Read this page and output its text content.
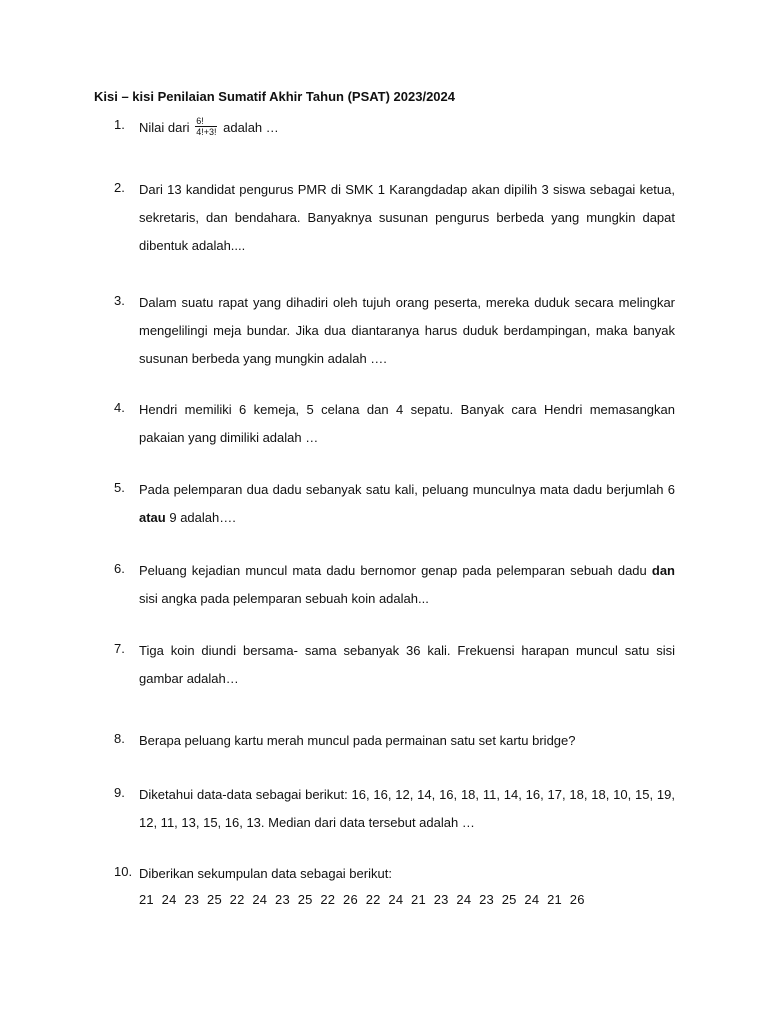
Kisi – kisi Penilaian Sumatif Akhir Tahun (PSAT) 2023/2024
1.	Nilai dari $\frac{6!}{4!+3!}$ adalah …
2.	Dari 13 kandidat pengurus PMR di SMK 1 Karangdadap akan dipilih 3 siswa sebagai ketua, sekretaris, dan bendahara. Banyaknya susunan pengurus berbeda yang mungkin dapat dibentuk adalah....
3.	Dalam suatu rapat yang dihadiri oleh tujuh orang peserta, mereka duduk secara melingkar mengelilingi meja bundar. Jika dua diantaranya harus duduk berdampingan, maka banyak susunan berbeda yang mungkin adalah ….
4.	Hendri memiliki 6 kemeja, 5 celana dan 4 sepatu. Banyak cara Hendri memasangkan pakaian yang dimiliki adalah …
5.	Pada pelemparan dua dadu sebanyak satu kali, peluang munculnya mata dadu berjumlah 6 atau 9 adalah….
6.	Peluang kejadian muncul mata dadu bernomor genap pada pelemparan sebuah dadu dan sisi angka pada pelemparan sebuah koin adalah...
7.	Tiga koin diundi bersama- sama sebanyak 36 kali. Frekuensi harapan muncul satu sisi gambar adalah…
8.	Berapa peluang kartu merah muncul pada permainan satu set kartu bridge?
9.	Diketahui data-data sebagai berikut: 16, 16, 12, 14, 16, 18, 11, 14, 16, 17, 18, 18, 10, 15, 19, 12, 11, 13, 15, 16, 13. Median dari data tersebut adalah …
10. Diberikan sekumpulan data sebagai berikut:
21 24 23 25 22 24 23 25 22 26 22 24 21 23 24 23 25 24 21 26
